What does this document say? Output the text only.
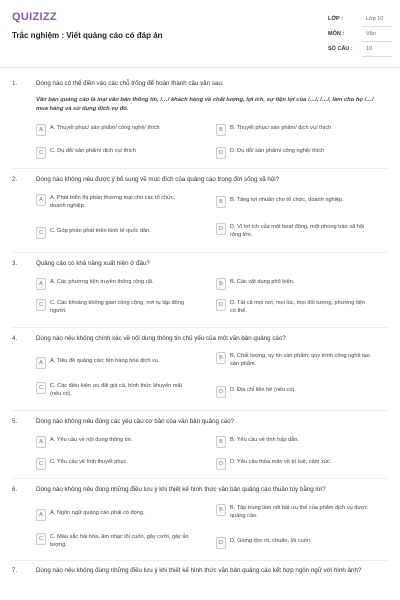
QUIZIZZ
Trắc nghiệm : Viết quảng cáo có đáp án
LỚP :	Lớp 10
MÔN :	Văn
SỐ CÂU :	10
1.	Dòng nào có thể điền vào các chỗ trống để hoàn thành câu văn sau:
Văn bản quảng cáo là loại văn bản thông tin, /…/ khách hàng về chất lượng, lợi ích, sự tiện lợi của /…/, /…/, làm cho họ /…/ mua hàng và sử dụng dịch vụ đó.
A	A. Thuyết phục/ sản phẩm/ công nghệ/ thích	B	B. Thuyết phục/ sản phẩm/ dịch vụ/ thích
C	C. Dụ dỗ/ sản phẩm/ dịch vụ/ thích	D	D. Dụ dỗ/ sản phẩm/ công nghệ/ thích
2.	Dòng nào không nêu được ý bổ sung về mục đích của quảng cáo trong đời sống xã hội?
A	A. Phát triển thị phần thương mại cho các tổ chức, doanh nghiệp.
B	B. Tăng lợi nhuận cho tổ chức, doanh nghiệp.
C	C. Góp phần phát triển kinh tế quốc dân.	D	D. Vì lợi ích của một hoạt động, một phong trào xã hội rộng lớn.
3.	Quảng cáo có khả năng xuất hiện ở đâu?
A	A. Các phương tiện truyền thông rộng rãi.	B	B. Các vật dụng phổ biến.
C	C. Các khoảng không gian công cộng, nơi tụ tập đông người.
D	D. Tất cả mọi nơi, mọi lúc, mọi đối tượng, phương tiện có thể.
4.	Dòng nào nêu không chính xác về nội dung thông tin chủ yếu của một văn bản quảng cáo?
A	A. Tiêu đề quảng cáo; tên hàng hóa dịch vụ.	B	B. Chất lượng, uy tín sản phẩm; quy trình công nghệ tạo sản phẩm.
C	C. Các điều kiện ưu đãi giá cả, hình thức khuyến mãi (nếu có).	D	D. Địa chỉ liên hệ (nếu có).
5.	Dòng nào không nêu đúng các yêu cầu cơ bản của văn bản quảng cáo?
A	A. Yêu cầu về nội dung thông tin.	B	B. Yêu cầu về tính hấp dẫn.
C	C. Yêu cầu về tính thuyết phục.	D	D. Yêu cầu thỏa mãn về trí tuệ, cảm xúc.
6.	Dòng nào không nêu đúng những điều lưu ý khi thiết kế hình thức văn bản quảng cáo thuần túy bằng lời?
A	A. Ngôn ngữ quảng cáo phải có đọng.	B	B. Tập trung làm nổi bật ưu thế của phẩm dịch vụ được quảng cáo.
C	C. Màu sắc hài hòa, âm nhạc lôi cuốn, gây cười, gây ấn tượng.	D	D. Giọng đọc rõ, chuẩn, lôi cuốn.
7.	Dòng nào nêu không đúng những điều lưu ý khi thiết kế hình thức văn bản quảng cáo kết hợp ngôn ngữ với hình ảnh?
